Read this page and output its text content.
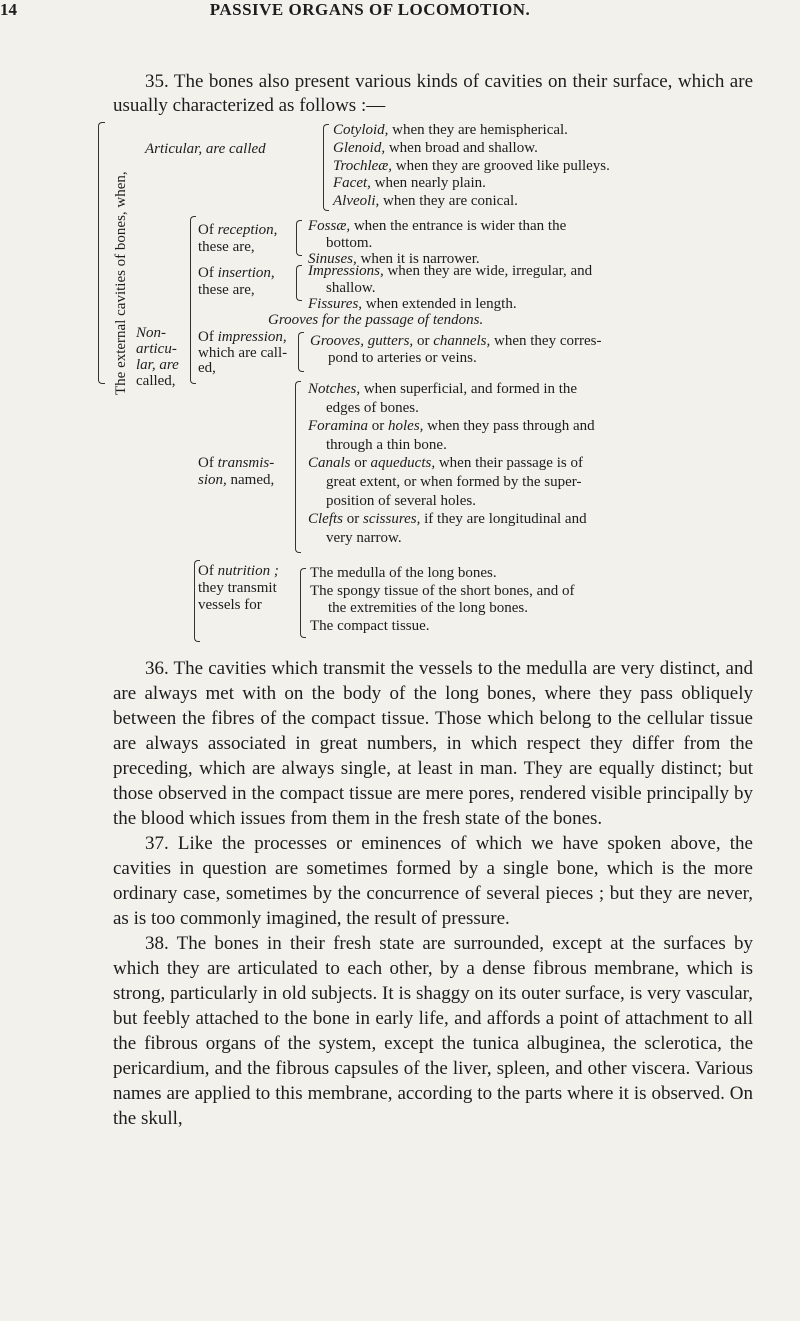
14	PASSIVE ORGANS OF LOCOMOTION.

35. The bones also present various kinds of cavities on their surface, which are usually characterized as follows :—

The external cavities of bones, when,
Articular, are called
Cotyloid, when they are hemispherical.
Glenoid, when broad and shallow.
Trochleæ, when they are grooved like pulleys.
Facet, when nearly plain.
Alveoli, when they are conical.
Non-
articu-
lar, are
called,
Of reception,
these are,
Fossæ, when the entrance is wider than the
bottom.
Sinuses, when it is narrower.
Of insertion,
these are,
Impressions, when they are wide, irregular, and
shallow.
Fissures, when extended in length.
Grooves for the passage of tendons.
Of impression,
which are call-
ed,
Grooves, gutters, or channels, when they corres-
pond to arteries or veins.
Of transmis-
sion, named,
Notches, when superficial, and formed in the
edges of bones.
Foramina or holes, when they pass through and
through a thin bone.
Canals or aqueducts, when their passage is of
great extent, or when formed by the super-
position of several holes.
Clefts or scissures, if they are longitudinal and
very narrow.
Of nutrition ;
they transmit
vessels for
The medulla of the long bones.
The spongy tissue of the short bones, and of
the extremities of the long bones.
The compact tissue.

36. The cavities which transmit the vessels to the medulla are very distinct, and are always met with on the body of the long bones, where they pass obliquely between the fibres of the compact tissue. Those which belong to the cellular tissue are always associated in great numbers, in which respect they differ from the preceding, which are always single, at least in man. They are equally distinct; but those observed in the compact tissue are mere pores, rendered visible principally by the blood which issues from them in the fresh state of the bones.

37. Like the processes or eminences of which we have spoken above, the cavities in question are sometimes formed by a single bone, which is the more ordinary case, sometimes by the concurrence of several pieces ; but they are never, as is too commonly imagined, the result of pressure.

38. The bones in their fresh state are surrounded, except at the surfaces by which they are articulated to each other, by a dense fibrous membrane, which is strong, particularly in old subjects. It is shaggy on its outer surface, is very vascular, but feebly attached to the bone in early life, and affords a point of attachment to all the fibrous organs of the system, except the tunica albuginea, the sclerotica, the pericardium, and the fibrous capsules of the liver, spleen, and other viscera. Various names are applied to this membrane, according to the parts where it is observed. On the skull,
